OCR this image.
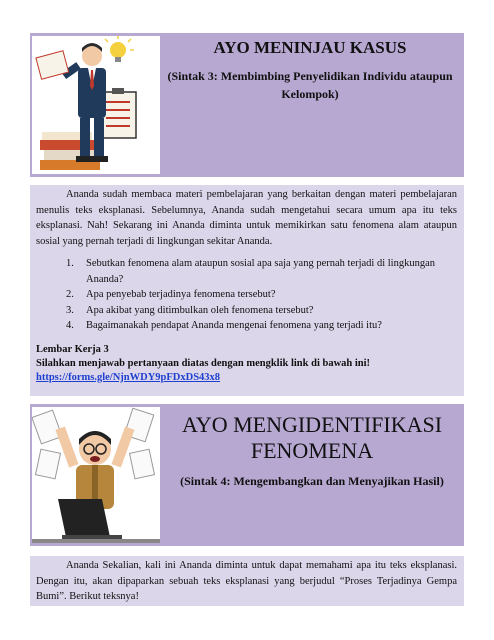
AYO MENINJAU KASUS
(Sintak 3: Membimbing Penyelidikan Individu ataupun Kelompok)
Ananda sudah membaca materi pembelajaran yang berkaitan dengan materi pembelajaran menulis teks eksplanasi. Sebelumnya, Ananda sudah mengetahui secara umum apa itu teks eksplanasi. Nah! Sekarang ini Ananda diminta untuk memikirkan satu fenomena alam ataupun sosial yang pernah terjadi di lingkungan sekitar Ananda.
1. Sebutkan fenomena alam ataupun sosial apa saja yang pernah terjadi di lingkungan Ananda?
2. Apa penyebab terjadinya fenomena tersebut?
3. Apa akibat yang ditimbulkan oleh fenomena tersebut?
4. Bagaimanakah pendapat Ananda mengenai fenomena yang terjadi itu?
Lembar Kerja 3
Silahkan menjawab pertanyaan diatas dengan mengklik link di bawah ini!
https://forms.gle/NjnWDY9pFDxDS43x8
AYO MENGIDENTIFIKASI FENOMENA
(Sintak 4: Mengembangkan dan Menyajikan Hasil)
Ananda Sekalian, kali ini Ananda diminta untuk dapat memahami apa itu teks eksplanasi. Dengan itu, akan dipaparkan sebuah teks eksplanasi yang berjudul “Proses Terjadinya Gempa Bumi”. Berikut teksnya!
